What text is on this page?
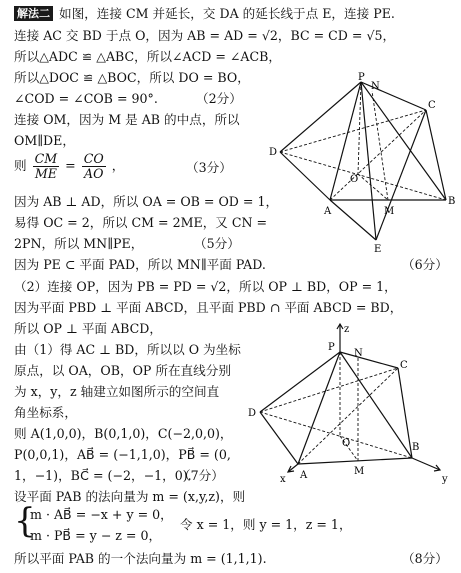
解法二 如图，连接 CM 并延长，交 DA 的延长线于点 E，连接 PE.
连接 AC 交 BD 于点 O，因为 AB = AD = √2，BC = CD = √5，
所以△ADC ≌ △ABC，所以∠ACD = ∠ACB，
所以△DOC ≌ △BOC，所以 DO = BO，
∠COD = ∠COB = 90°.	（2分）
连接 OM，因为 M 是 AB 的中点，所以
OM∥DE，
则 $\frac{CM}{ME} = \frac{CO}{AO}$ ，	（3分）
因为 AB ⊥ AD，所以 OA = OB = OD = 1，
易得 OC = 2，所以 CM = 2ME，又 CN =
2PN，所以 MN∥PE，	（5分）
因为 PE ⊂ 平面 PAD，所以 MN∥平面 PAD.	（6分）
（2）连接 OP，因为 PB = PD = √2，所以 OP ⊥ BD，OP = 1，
因为平面 PBD ⊥ 平面 ABCD，且平面 PBD ∩ 平面 ABCD = BD，
所以 OP ⊥ 平面 ABCD，
由（1）得 AC ⊥ BD，所以以 O 为坐标
原点，以 OA，OB，OP 所在直线分别
为 x，y，z 轴建立如图所示的空间直
角坐标系，
则 A(1,0,0)，B(0,1,0)，C(−2,0,0)，
P(0,0,1)，AB⃗ = (−1,1,0)，PB⃗ = (0,
1，−1)，BC⃗ = (−2，−1，0).
（7分）
设平面 PAB 的法向量为 m = (x,y,z)，则
{
m · AB⃗ = −x + y = 0，
m · PB⃗ = y − z = 0，
令 x = 1，则 y = 1，z = 1，
所以平面 PAB 的一个法向量为 m = (1,1,1).	（8分）
P
N
C
D
O
A	M
B
E
z
P
N
C
D
O
A	M
B
y
x
